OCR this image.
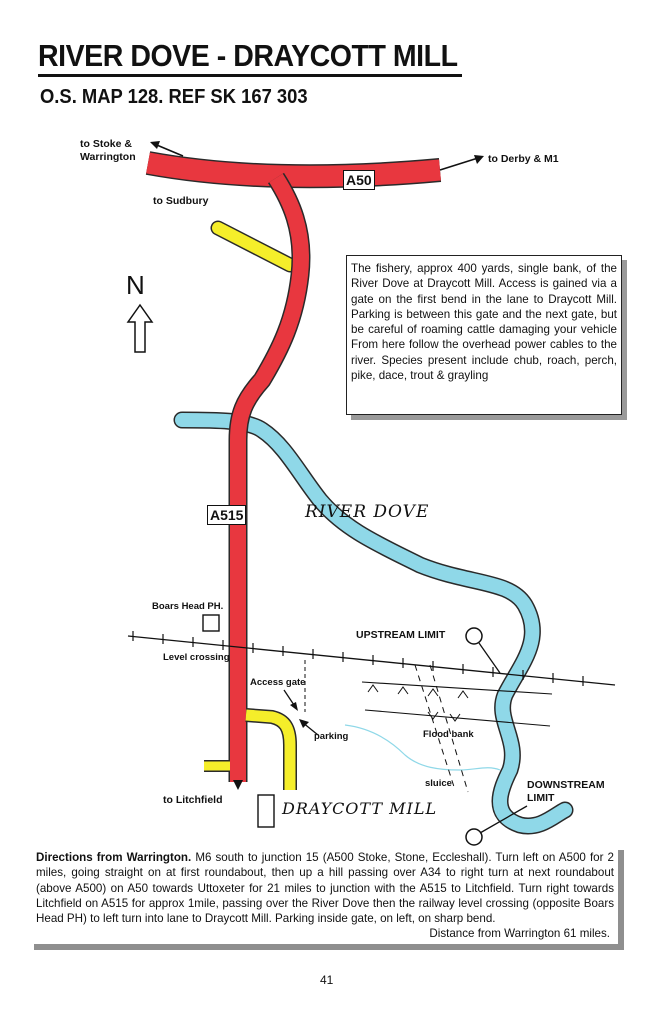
RIVER DOVE - DRAYCOTT MILL
O.S. MAP 128. REF SK 167 303
N
A50
A515
to Stoke &
Warrington	to Derby & M1
to Sudbury
to Litchfield
RIVER DOVE
DRAYCOTT MILL
Boars Head PH.
Level crossing
Access gate
parking	Flood bank
sluice
UPSTREAM LIMIT
DOWNSTREAM
LIMIT
The fishery, approx 400 yards, single bank, of the River Dove at Draycott Mill. Access is gained via a gate on the first bend in the lane to Draycott Mill. Parking is between this gate and the next gate, but be careful of roaming cattle damaging your vehicle From here follow the overhead power cables to the river. Species present include chub, roach, perch, pike, dace, trout & grayling
Directions from Warrington. M6 south to junction 15 (A500 Stoke, Stone, Eccleshall). Turn left on A500 for 2 miles, going straight on at first roundabout, then up a hill passing over A34 to right turn at next roundabout (above A500) on A50 towards Uttoxeter for 21 miles to junction with the A515 to Litchfield. Turn right towards Litchfield on A515 for approx 1mile, passing over the River Dove then the railway level crossing (opposite Boars Head PH) to left turn into lane to Draycott Mill. Parking inside gate, on left, on sharp bend.
Distance from Warrington 61 miles.
41
